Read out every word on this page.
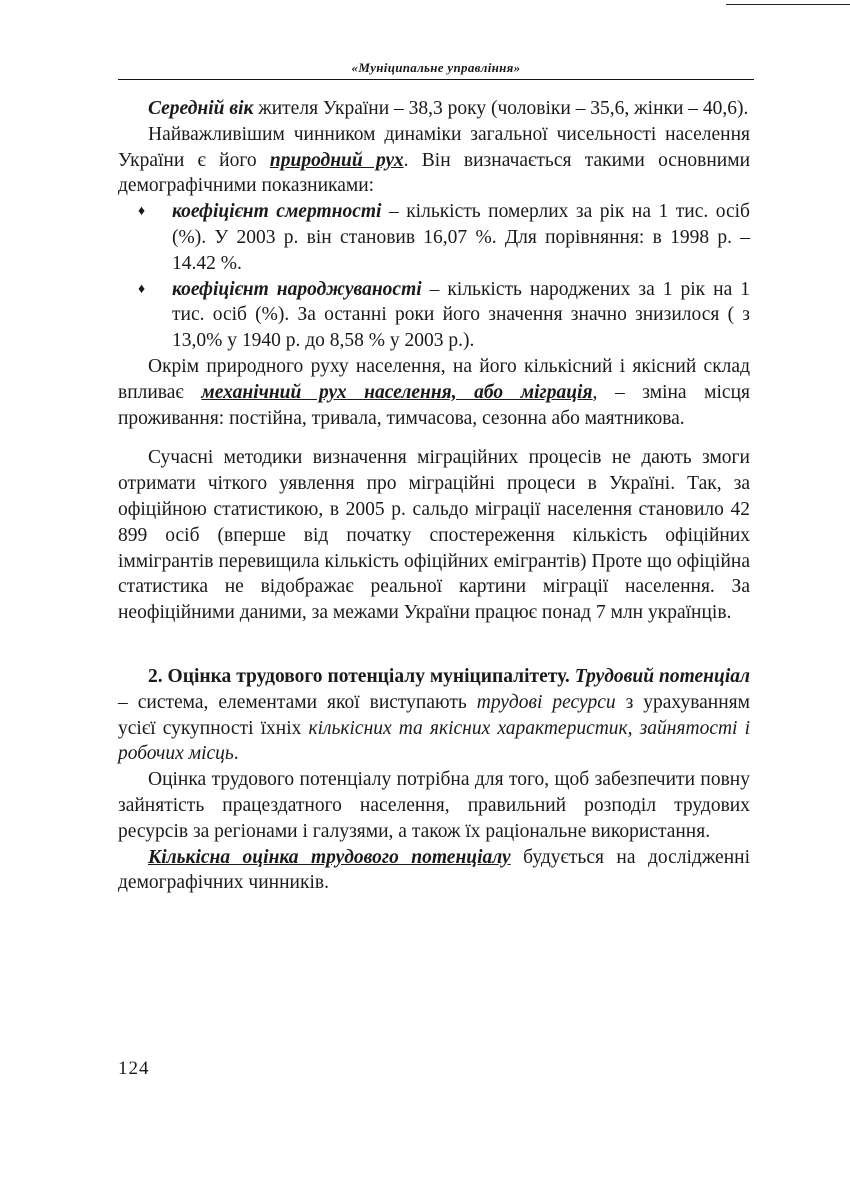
«Муніципальне управління»

Середній вік жителя України – 38,3 року (чоловіки – 35,6, жінки – 40,6).

Найважливішим чинником динаміки загальної чисельності населення України є його природний рух. Він визначається такими основними демографічними показниками:

♦ коефіцієнт смертності – кількість померлих за рік на 1 тис. осіб (%). У 2003 р. він становив 16,07 %. Для порівняння: в 1998 р. – 14.42 %.
♦ коефіцієнт народжуваності – кількість народжених за 1 рік на 1 тис. осіб (%). За останні роки його значення значно знизилося ( з 13,0% у 1940 р. до 8,58 % у 2003 р.).

Окрім природного руху населення, на його кількісний і якісний склад впливає механічний рух населення, або міграція, – зміна місця проживання: постійна, тривала, тимчасова, сезонна або маятникова.

Сучасні методики визначення міграційних процесів не дають змоги отримати чіткого уявлення про міграційні процеси в Україні. Так, за офіційною статистикою, в 2005 р. сальдо міграції населення становило 42 899 осіб (вперше від початку спостереження кількість офіційних іммігрантів перевищила кількість офіційних емігрантів) Проте що офіційна статистика не відображає реальної картини міграції населення. За неофіційними даними, за межами України працює понад 7 млн українців.

2. Оцінка трудового потенціалу муніципалітету. Трудовий потенціал – система, елементами якої виступають трудові ресурси з урахуванням усієї сукупності їхніх кількісних та якісних характеристик, зайнятості і робочих місць.

Оцінка трудового потенціалу потрібна для того, щоб забезпечити повну зайнятість працездатного населення, правильний розподіл трудових ресурсів за регіонами і галузями, а також їх раціональне використання.

Кількісна оцінка трудового потенціалу будується на дослідженні демографічних чинників.

124
